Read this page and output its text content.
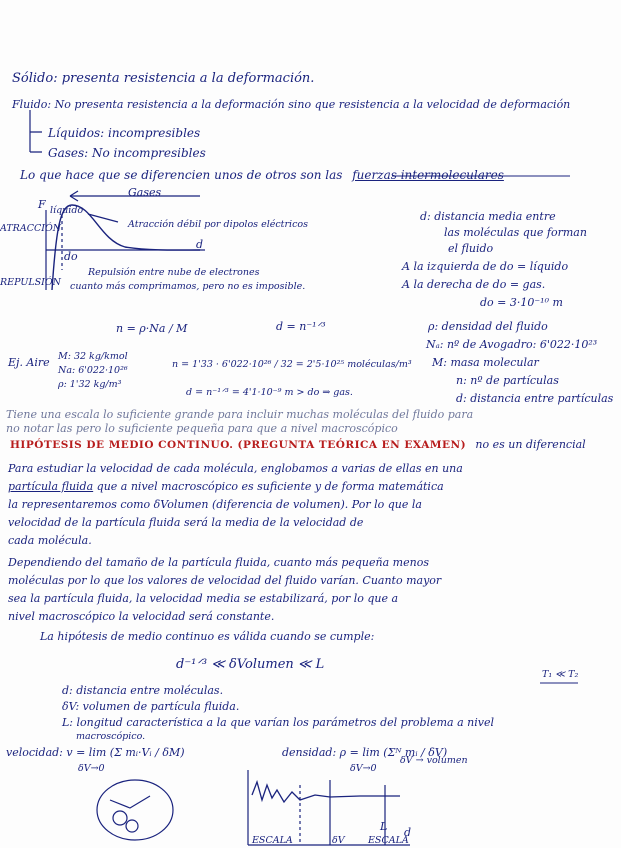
Sólido: presenta resistencia a la deformación.
Fluido: No presenta resistencia a la deformación sino que resistencia a la velocidad de deformación
Líquidos: incompresibles
Gases: No incompresibles
Lo que hace que se diferencien unos de otros son las fuerzas intermoleculares
Gases
F líquido
ATRACCIÓN
REPULSIÓN
d
do
Atracción débil por dipolos eléctricos
Repulsión entre nube de electrones
cuanto más comprimamos, pero no es imposible.
d: distancia media entre
las moléculas que forman
el fluido
A la izquierda de do = líquido
A la derecha de do = gas.
do = 3·10⁻¹⁰ m
n = ρ·Na / M	d = n⁻¹ᐟ³	ρ: densidad del fluido
Nₐ: nº de Avogadro: 6'022·10²³
M: masa molecular
n: nº de partículas
d: distancia entre partículas
Ej. Aire M: 32 kg/kmol
Na: 6'022·10²⁶
ρ: 1'32 kg/m³
n = 1'33 · 6'022·10²⁶ / 32 = 2'5·10²⁵ moléculas/m³
d = n⁻¹ᐟ³ = 4'1·10⁻⁹ m > do ⇒ gas.
Tiene una escala lo suficiente grande para incluir muchas moléculas del fluido para
no notar las pero lo suficiente pequeña para que a nivel macroscópico
HIPÓTESIS DE MEDIO CONTINUO. (PREGUNTA TEÓRICA EN EXAMEN) no es un diferencial
Para estudiar la velocidad de cada molécula, englobamos a varias de ellas en una
partícula fluida que a nivel macroscópico es suficiente y de forma matemática
la representaremos como δVolumen (diferencia de volumen). Por lo que la
velocidad de la partícula fluida será la media de la velocidad de
cada molécula.
Dependiendo del tamaño de la partícula fluida, cuanto más pequeña menos
moléculas por lo que los valores de velocidad del fluido varían. Cuanto mayor
sea la partícula fluida, la velocidad media se estabilizará, por lo que a
nivel macroscópico la velocidad será constante.
La hipótesis de medio continuo es válida cuando se cumple:
d⁻¹ᐟ³ ≪ δVolumen ≪ L
T₁ ≪ T₂
d: distancia entre moléculas.
δV: volumen de partícula fluida.
L: longitud característica a la que varían los parámetros del problema a nivel
macroscópico.
velocidad: v = lim (Σ mᵢ·Vᵢ / δM)
δV→0
densidad: ρ = lim (Σᴺ mᵢ / δV)
δV→0
δV → volumen
L d
δV
ESCALA	ESCALA
